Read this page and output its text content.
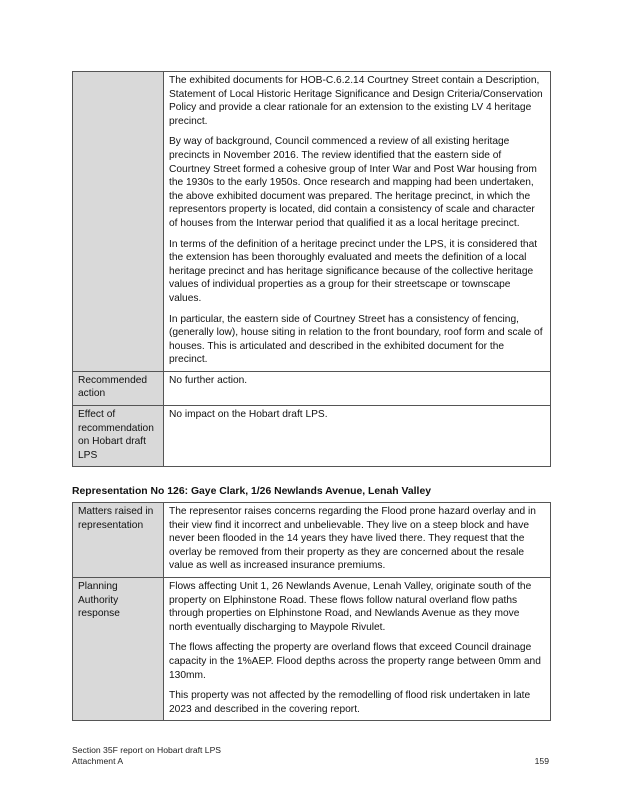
	The exhibited documents for HOB-C.6.2.14 Courtney Street contain a Description, Statement of Local Historic Heritage Significance and Design Criteria/Conservation Policy and provide a clear rationale for an extension to the existing LV 4 heritage precinct.

By way of background, Council commenced a review of all existing heritage precincts in November 2016. The review identified that the eastern side of Courtney Street formed a cohesive group of Inter War and Post War housing from the 1930s to the early 1950s. Once research and mapping had been undertaken, the above exhibited document was prepared. The heritage precinct, in which the representors property is located, did contain a consistency of scale and character of houses from the Interwar period that qualified it as a local heritage precinct.

In terms of the definition of a heritage precinct under the LPS, it is considered that the extension has been thoroughly evaluated and meets the definition of a local heritage precinct and has heritage significance because of the collective heritage values of individual properties as a group for their streetscape or townscape values.

In particular, the eastern side of Courtney Street has a consistency of fencing, (generally low), house siting in relation to the front boundary, roof form and scale of houses. This is articulated and described in the exhibited document for the precinct.

Recommended action	No further action.

Effect of recommendation on Hobart draft LPS	No impact on the Hobart draft LPS.

Representation No 126: Gaye Clark, 1/26 Newlands Avenue, Lenah Valley
Matters raised in representation	The representor raises concerns regarding the Flood prone hazard overlay and in their view find it incorrect and unbelievable. They live on a steep block and have never been flooded in the 14 years they have lived there. They request that the overlay be removed from their property as they are concerned about the resale value as well as increased insurance premiums.

Planning Authority response	Flows affecting Unit 1, 26 Newlands Avenue, Lenah Valley, originate south of the property on Elphinstone Road. These flows follow natural overland flow paths through properties on Elphinstone Road, and Newlands Avenue as they move north eventually discharging to Maypole Rivulet.

The flows affecting the property are overland flows that exceed Council drainage capacity in the 1%AEP. Flood depths across the property range between 0mm and 130mm.

This property was not affected by the remodelling of flood risk undertaken in late 2023 and described in the covering report.

Section 35F report on Hobart draft LPS
Attachment A	159
